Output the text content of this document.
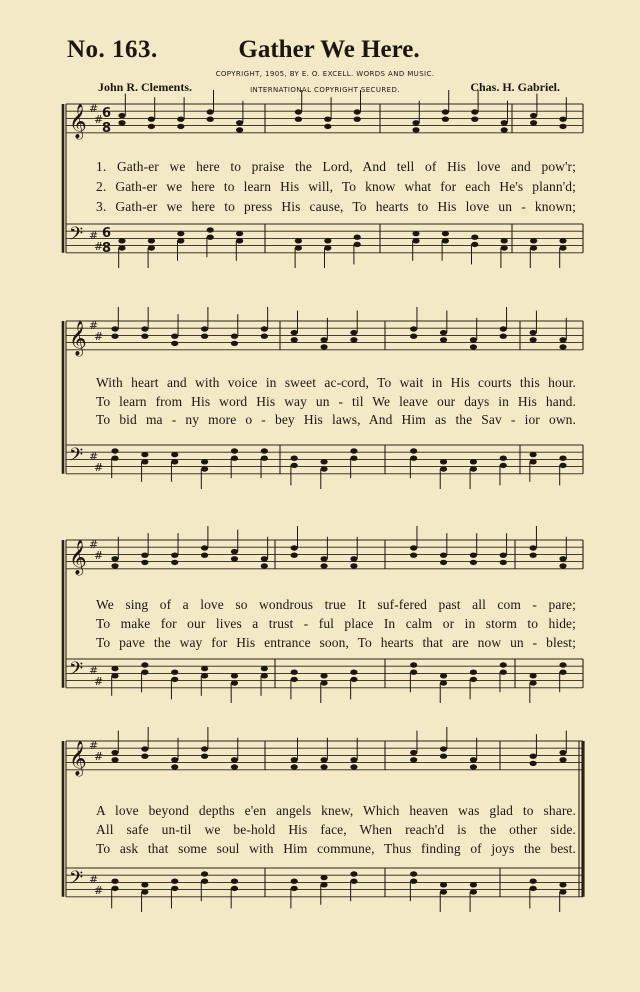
No. 163.	Gather We Here.
COPYRIGHT, 1905, BY E. O. EXCELL. WORDS AND MUSIC.
INTERNATIONAL COPYRIGHT SECURED.
John R. Clements.	Chas. H. Gabriel.
𝄞
𝄢
#
#
#
#
6
8
6
8
𝄞
𝄢
#
#
#
#
𝄞
𝄢
#
#
#
#
𝄞
𝄢
#
#
#
#
1. Gath-er we here to praise the Lord, And tell of His love and pow'r;
2. Gath-er we here to learn His will, To know what for each He's plann'd;
3. Gath-er we here to press His cause, To hearts to His love un - known;
With heart and with voice in sweet ac-cord, To wait in His courts this hour.
To learn from His word His way un - til We leave our days in His hand.
To bid ma - ny more o - bey His laws, And Him as the Sav - ior own.
We sing of a love so wondrous true It suf-fered past all com - pare;
To make for our lives a trust - ful place In calm or in storm to hide;
To pave the way for His entrance soon, To hearts that are now un - blest;
A love beyond depths e'en angels knew, Which heaven was glad to share.
All safe un-til we be-hold His face, When reach'd is the other side.
To ask that some soul with Him commune, Thus finding of joys the best.
